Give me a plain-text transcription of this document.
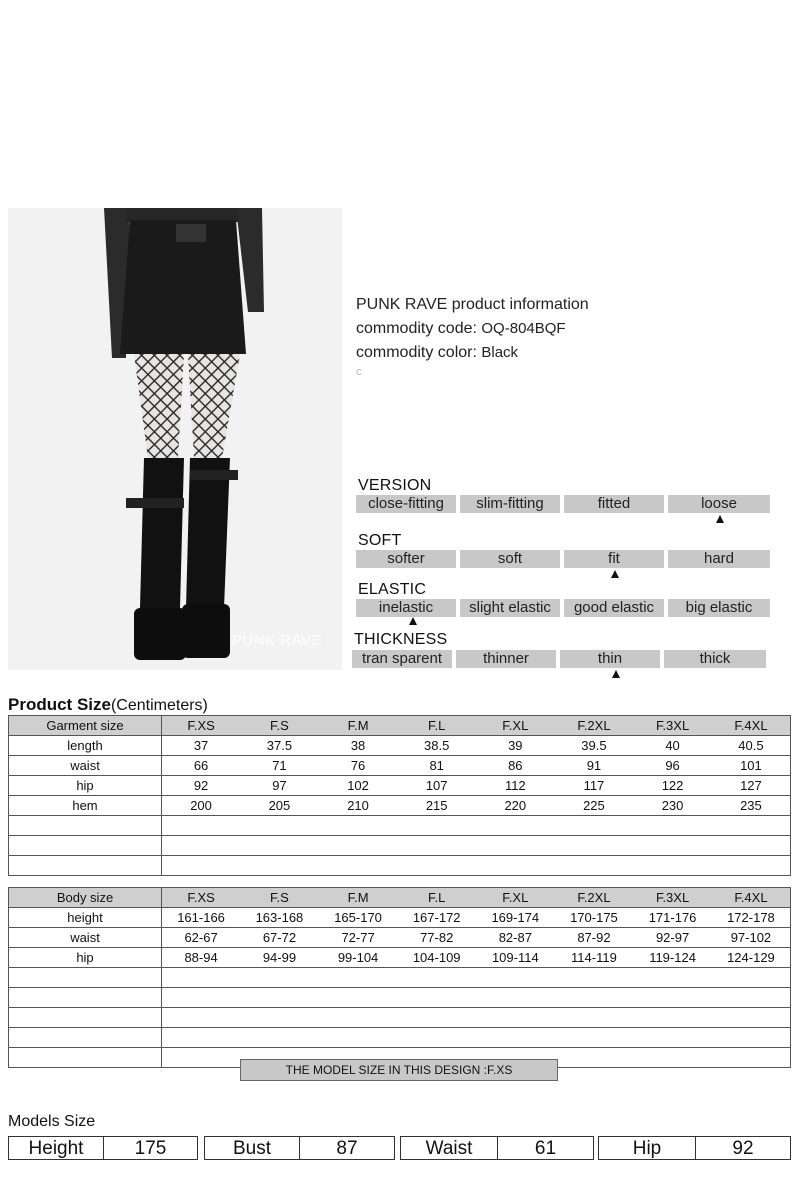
PUNK RAVE
PUNK RAVE product information
commodity code: OQ-804BQF
commodity color: Black
c
VERSION
close-fitting	slim-fitting	fitted	loose
SOFT
softer	soft	fit	hard
ELASTIC
inelastic	slight elastic	good elastic	big elastic
THICKNESS
tran sparent	thinner	thin	thick
Product Size(Centimeters)
Garment size	F.XS	F.S	F.M	F.L	F.XL	F.2XL	F.3XL	F.4XL
length	37	37.5	38	38.5	39	39.5	40	40.5
waist	66	71	76	81	86	91	96	101
hip	92	97	102	107	112	117	122	127
hem	200	205	210	215	220	225	230	235

Body size	F.XS	F.S	F.M	F.L	F.XL	F.2XL	F.3XL	F.4XL
height	161-166	163-168	165-170	167-172	169-174	170-175	171-176	172-178
waist	62-67	67-72	72-77	77-82	82-87	87-92	92-97	97-102
hip	88-94	94-99	99-104	104-109	109-114	114-119	119-124	124-129

THE MODEL SIZE IN THIS DESIGN :F.XS
Models Size
Height	175	Bust	87	Waist	61	Hip	92
